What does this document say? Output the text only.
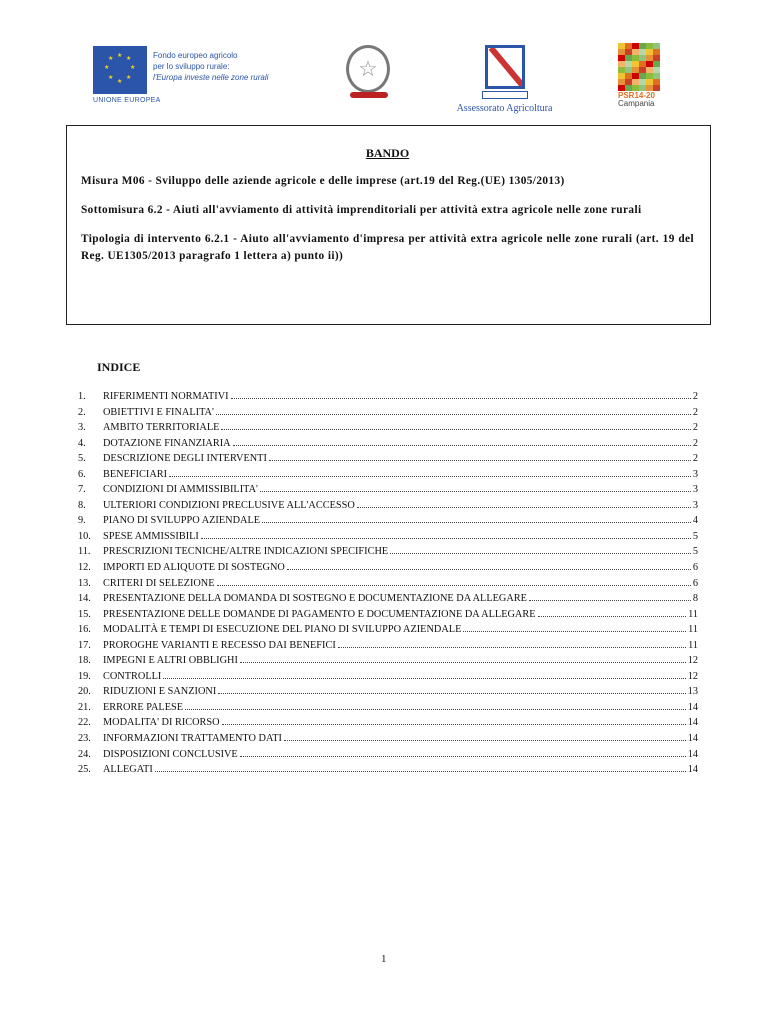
★ ★
★
★
★
★
★
★
UNIONE EUROPEA
Fondo europeo agricolo
per lo sviluppo rurale:
l'Europa investe nelle zone rurali	☆
Assessorato Agricoltura
PSR14-20
Campania
BANDO

Misura M06 - Sviluppo delle aziende agricole e delle imprese (art.19 del Reg.(UE) 1305/2013)

Sottomisura 6.2 - Aiuti all'avviamento di attività imprenditoriali per attività extra agricole nelle zone rurali

Tipologia di intervento 6.2.1 - Aiuto all'avviamento d'impresa per attività extra agricole nelle zone rurali (art. 19 del Reg. UE1305/2013 paragrafo 1 lettera a) punto ii))

INDICE
1.	RIFERIMENTI NORMATIVI	2
2.	OBIETTIVI E FINALITA'	2
3.	AMBITO TERRITORIALE	2
4.	DOTAZIONE FINANZIARIA	2
5.	DESCRIZIONE DEGLI INTERVENTI	2
6.	BENEFICIARI	3
7.	CONDIZIONI DI AMMISSIBILITA'	3
8.	ULTERIORI CONDIZIONI PRECLUSIVE ALL'ACCESSO	3
9.	PIANO DI SVILUPPO AZIENDALE	4
10.	SPESE AMMISSIBILI	5
11.	PRESCRIZIONI TECNICHE/ALTRE INDICAZIONI SPECIFICHE	5
12.	IMPORTI ED ALIQUOTE DI SOSTEGNO	6
13.	CRITERI DI SELEZIONE	6
14.	PRESENTAZIONE DELLA DOMANDA DI SOSTEGNO E DOCUMENTAZIONE DA ALLEGARE	8
15.	PRESENTAZIONE DELLE DOMANDE DI PAGAMENTO E DOCUMENTAZIONE DA ALLEGARE	11
16.	MODALITÀ E TEMPI DI ESECUZIONE DEL PIANO DI SVILUPPO AZIENDALE	11
17.	PROROGHE VARIANTI E RECESSO DAI BENEFICI	11
18.	IMPEGNI E ALTRI OBBLIGHI	12
19.	CONTROLLI	12
20.	RIDUZIONI E SANZIONI	13
21.	ERRORE PALESE	14
22.	MODALITA' DI RICORSO	14
23.	INFORMAZIONI TRATTAMENTO DATI	14
24.	DISPOSIZIONI CONCLUSIVE	14
25.	ALLEGATI	14
1
